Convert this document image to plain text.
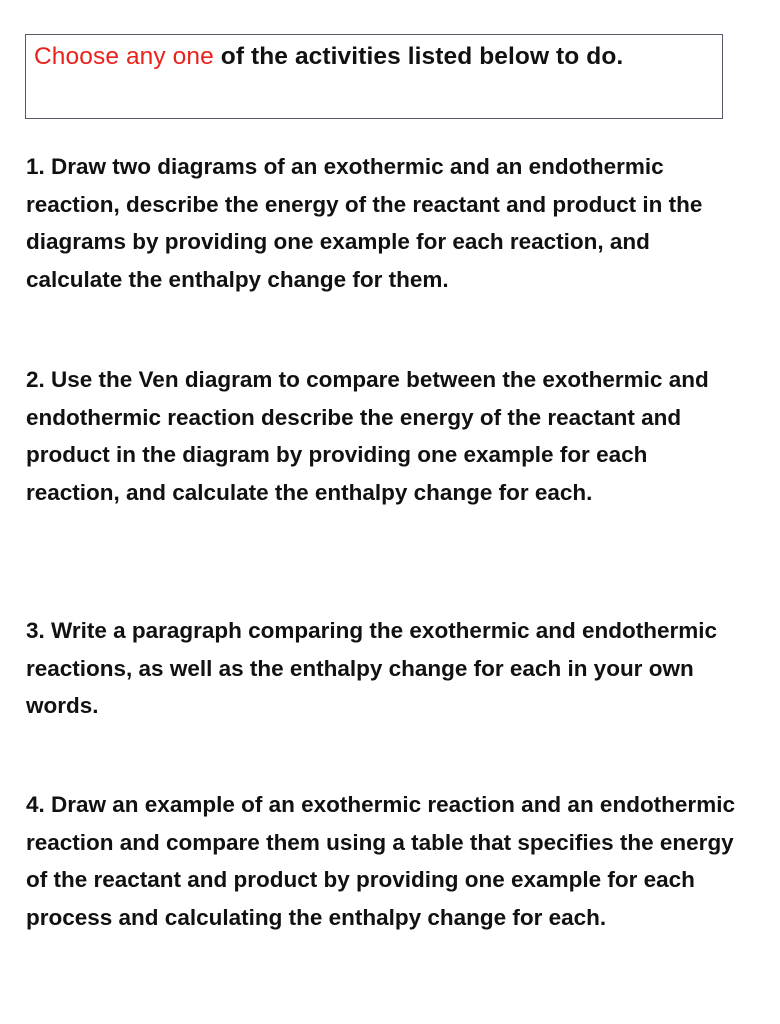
Choose any one of the activities listed below to do.

1. Draw two diagrams of an exothermic and an endothermic reaction, describe the energy of the reactant and product in the diagrams by providing one example for each reaction, and calculate the enthalpy change for them.

2. Use the Ven diagram to compare between the exothermic and endothermic reaction describe the energy of the reactant and product in the diagram by providing one example for each reaction, and calculate the enthalpy change for each.

3. Write a paragraph comparing the exothermic and endothermic reactions, as well as the enthalpy change for each in your own words.

4. Draw an example of an exothermic reaction and an endothermic reaction and compare them using a table that specifies the energy of the reactant and product by providing one example for each process and calculating the enthalpy change for each.
